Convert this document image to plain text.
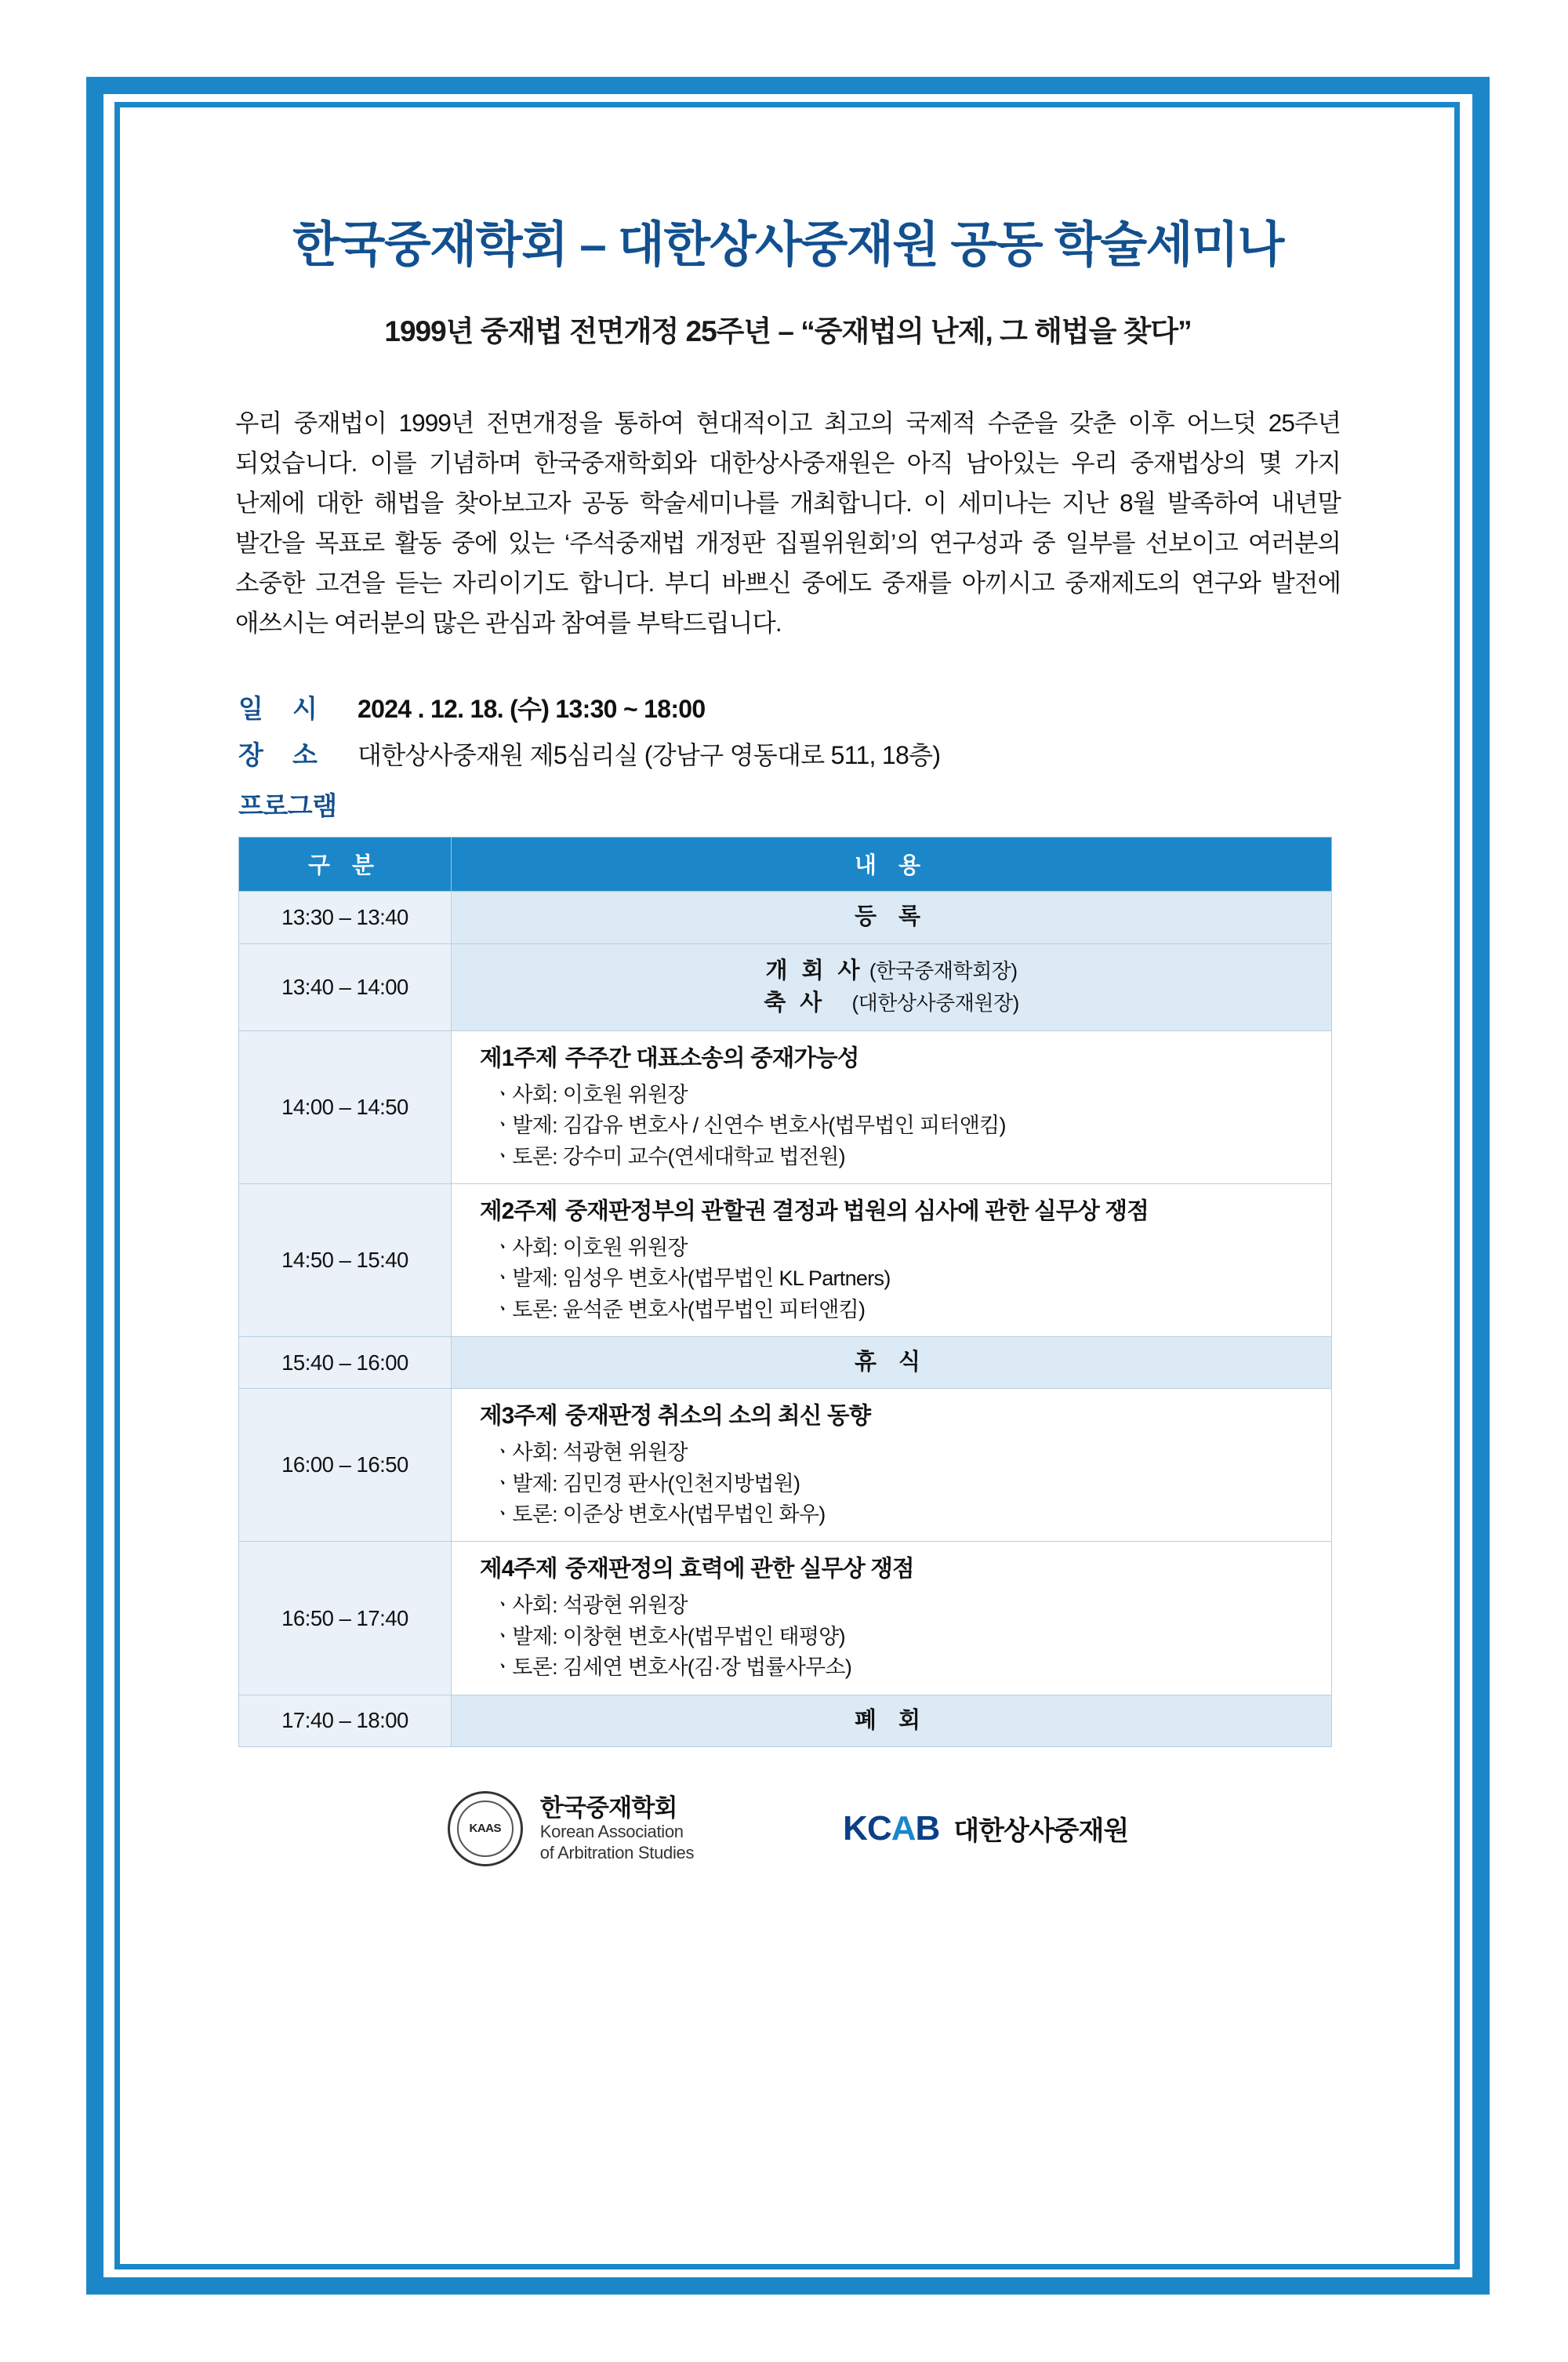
한국중재학회 – 대한상사중재원 공동 학술세미나
1999년 중재법 전면개정 25주년 – “중재법의 난제, 그 해법을 찾다”

우리 중재법이 1999년 전면개정을 통하여 현대적이고 최고의 국제적 수준을 갖춘 이후 어느덧 25주년 되었습니다. 이를 기념하며 한국중재학회와 대한상사중재원은 아직 남아있는 우리 중재법상의 몇 가지 난제에 대한 해법을 찾아보고자 공동 학술세미나를 개최합니다. 이 세미나는 지난 8월 발족하여 내년말 발간을 목표로 활동 중에 있는 ‘주석중재법 개정판 집필위원회’의 연구성과 중 일부를 선보이고 여러분의 소중한 고견을 듣는 자리이기도 합니다. 부디 바쁘신 중에도 중재를 아끼시고 중재제도의 연구와 발전에 애쓰시는 여러분의 많은 관심과 참여를 부탁드립니다.

일 시	2024 . 12. 18. (수) 13:30 ~ 18:00
장 소	대한상사중재원 제5심리실 (강남구 영동대로 511, 18층)
프로그램
구 분	내 용
13:30 – 13:40	등 록
13:40 – 14:00	개 회 사 (한국중재학회장)
축 사 (대한상사중재원장)

14:00 – 14:50	제1주제 주주간 대표소송의 중재가능성
ㆍ사회: 이호원 위원장
ㆍ발제: 김갑유 변호사 / 신연수 변호사(법무법인 피터앤킴)
ㆍ토론: 강수미 교수(연세대학교 법전원)

14:50 – 15:40	제2주제 중재판정부의 관할권 결정과 법원의 심사에 관한 실무상 쟁점
ㆍ사회: 이호원 위원장
ㆍ발제: 임성우 변호사(법무법인 KL Partners)
ㆍ토론: 윤석준 변호사(법무법인 피터앤킴)

15:40 – 16:00	휴 식
16:00 – 16:50	제3주제 중재판정 취소의 소의 최신 동향
ㆍ사회: 석광현 위원장
ㆍ발제: 김민경 판사(인천지방법원)
ㆍ토론: 이준상 변호사(법무법인 화우)

16:50 – 17:40	제4주제 중재판정의 효력에 관한 실무상 쟁점
ㆍ사회: 석광현 위원장
ㆍ발제: 이창현 변호사(법무법인 태평양)
ㆍ토론: 김세연 변호사(김·장 법률사무소)

17:40 – 18:00	폐 회
KAAS
한국중재학회
Korean Association
of Arbitration Studies
KCAB 대한상사중재원
